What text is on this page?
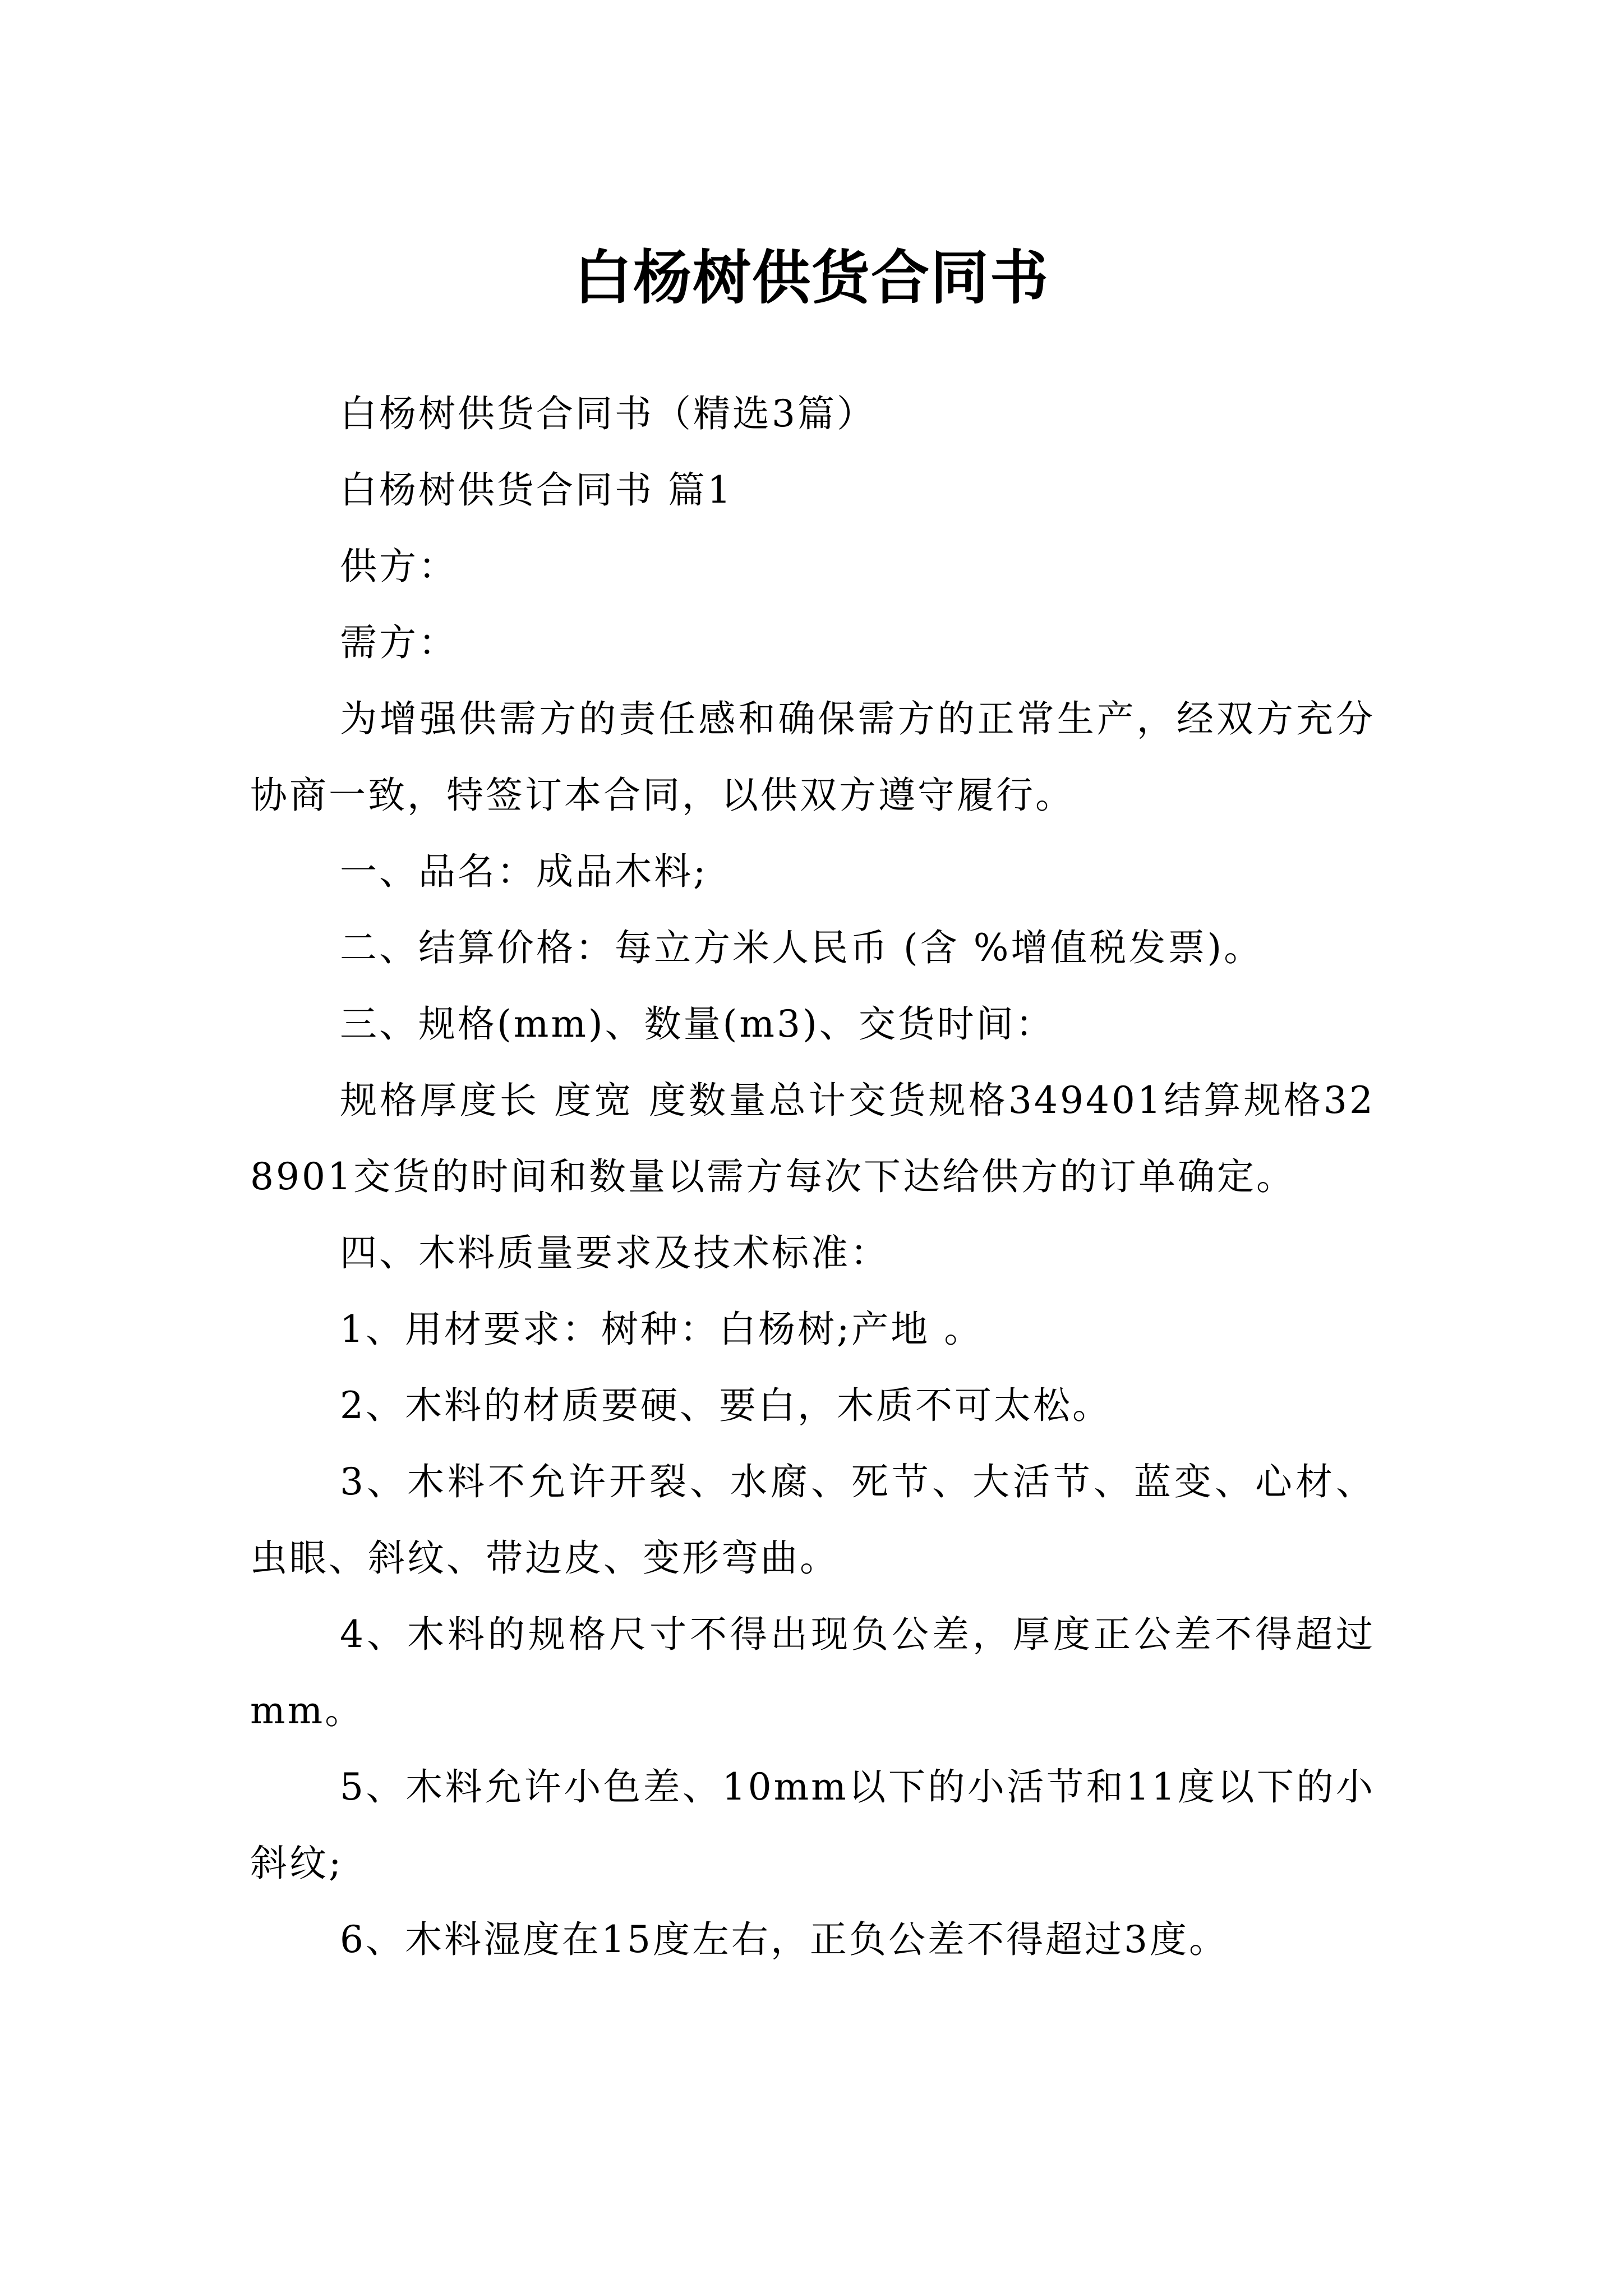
白杨树供货合同书

白杨树供货合同书（精选3篇）

白杨树供货合同书 篇1

供方：

需方：

为增强供需方的责任感和确保需方的正常生产，经双方充分协商一致，特签订本合同，以供双方遵守履行。

一、品名：成品木料;

二、结算价格：每立方米人民币 (含 %增值税发票)。

三、规格(mm)、数量(m3)、交货时间：

规格厚度长 度宽 度数量总计交货规格349401结算规格328901交货的时间和数量以需方每次下达给供方的订单确定。

四、木料质量要求及技术标准：

1、用材要求：树种：白杨树;产地 。

2、木料的材质要硬、要白，木质不可太松。

3、木料不允许开裂、水腐、死节、大活节、蓝变、心材、虫眼、斜纹、带边皮、变形弯曲。

4、木料的规格尺寸不得出现负公差，厚度正公差不得超过 mm。

5、木料允许小色差、10mm以下的小活节和11度以下的小斜纹;

6、木料湿度在15度左右，正负公差不得超过3度。
